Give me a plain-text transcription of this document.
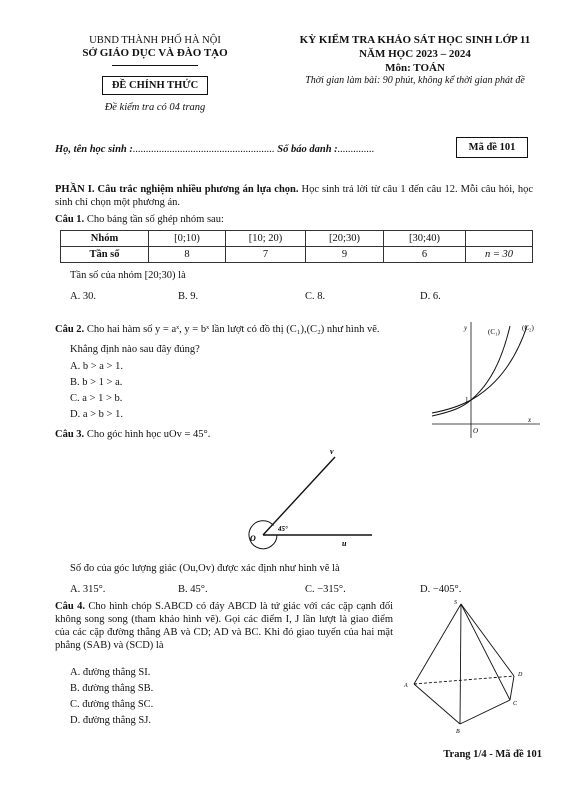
UBND THÀNH PHỐ HÀ NỘI
SỞ GIÁO DỤC VÀ ĐÀO TẠO
ĐỀ CHÍNH THỨC
Đề kiểm tra có 04 trang
KỲ KIỂM TRA KHẢO SÁT HỌC SINH LỚP 11
NĂM HỌC 2023 – 2024
Môn: TOÁN
Thời gian làm bài: 90 phút, không kể thời gian phát đề
Họ, tên học sinh :...................................................... Số báo danh :..............	Mã đề 101
PHẦN I. Câu trắc nghiệm nhiều phương án lựa chọn. Học sinh trả lời từ câu 1 đến câu 12. Mỗi câu hỏi, học sinh chỉ chọn một phương án.
Câu 1. Cho bảng tần số ghép nhóm sau:
Nhóm	[0;10)	[10; 20)	[20;30)	[30;40)	
Tần số	8	7	9	6	n = 30
Tần số của nhóm [20;30) là
A. 30.	B. 9.	C. 8.	D. 6.
Câu 2. Cho hai hàm số y = aˣ, y = bˣ lần lượt có đồ thị (C₁),(C₂) như hình vẽ.
Khẳng định nào sau đây đúng?
A. b > a > 1.
B. b > 1 > a.
C. a > 1 > b.
D. a > b > 1.
y
x
O
1
(C₁)	(C₂)
Câu 3. Cho góc hình học uOv = 45°.
v
u
O
45°
Số đo của góc lượng giác (Ou,Ov) được xác định như hình vẽ là
A. 315°.	B. 45°.	C. −315°.	D. −405°.
Câu 4. Cho hình chóp S.ABCD có đáy ABCD là tứ giác với các cặp cạnh đối không song song (tham khảo hình vẽ). Gọi các điểm I, J lần lượt là giao điểm của các cặp đường thẳng AB và CD; AD và BC. Khi đó giao tuyến của hai mặt phẳng (SAB) và (SCD) là
A. đường thẳng SI.
B. đường thẳng SB.
C. đường thẳng SC.
D. đường thẳng SJ.
S
A
B
C
D
Trang 1/4 - Mã đề 101
